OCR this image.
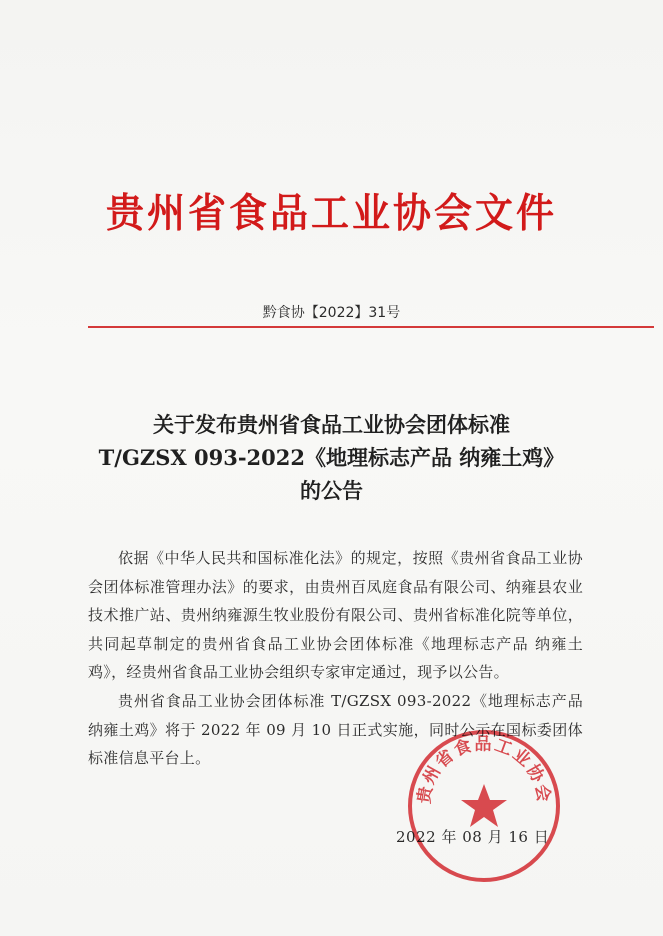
贵州省食品工业协会文件
黔食协【2022】31号
关于发布贵州省食品工业协会团体标准
T/GZSX 093-2022《地理标志产品 纳雍土鸡》
的公告

依据《中华人民共和国标准化法》的规定，按照《贵州省食品工业协会团体标准管理办法》的要求，由贵州百凤庭食品有限公司、纳雍县农业技术推广站、贵州纳雍源生牧业股份有限公司、贵州省标准化院等单位，共同起草制定的贵州省食品工业协会团体标准《地理标志产品 纳雍土鸡》，经贵州省食品工业协会组织专家审定通过，现予以公告。

贵州省食品工业协会团体标准 T/GZSX 093-2022《地理标志产品 纳雍土鸡》将于 2022 年 09 月 10 日正式实施，同时公示在国标委团体标准信息平台上。

2022 年 08 月 16 日
贵州省食品工业协会
